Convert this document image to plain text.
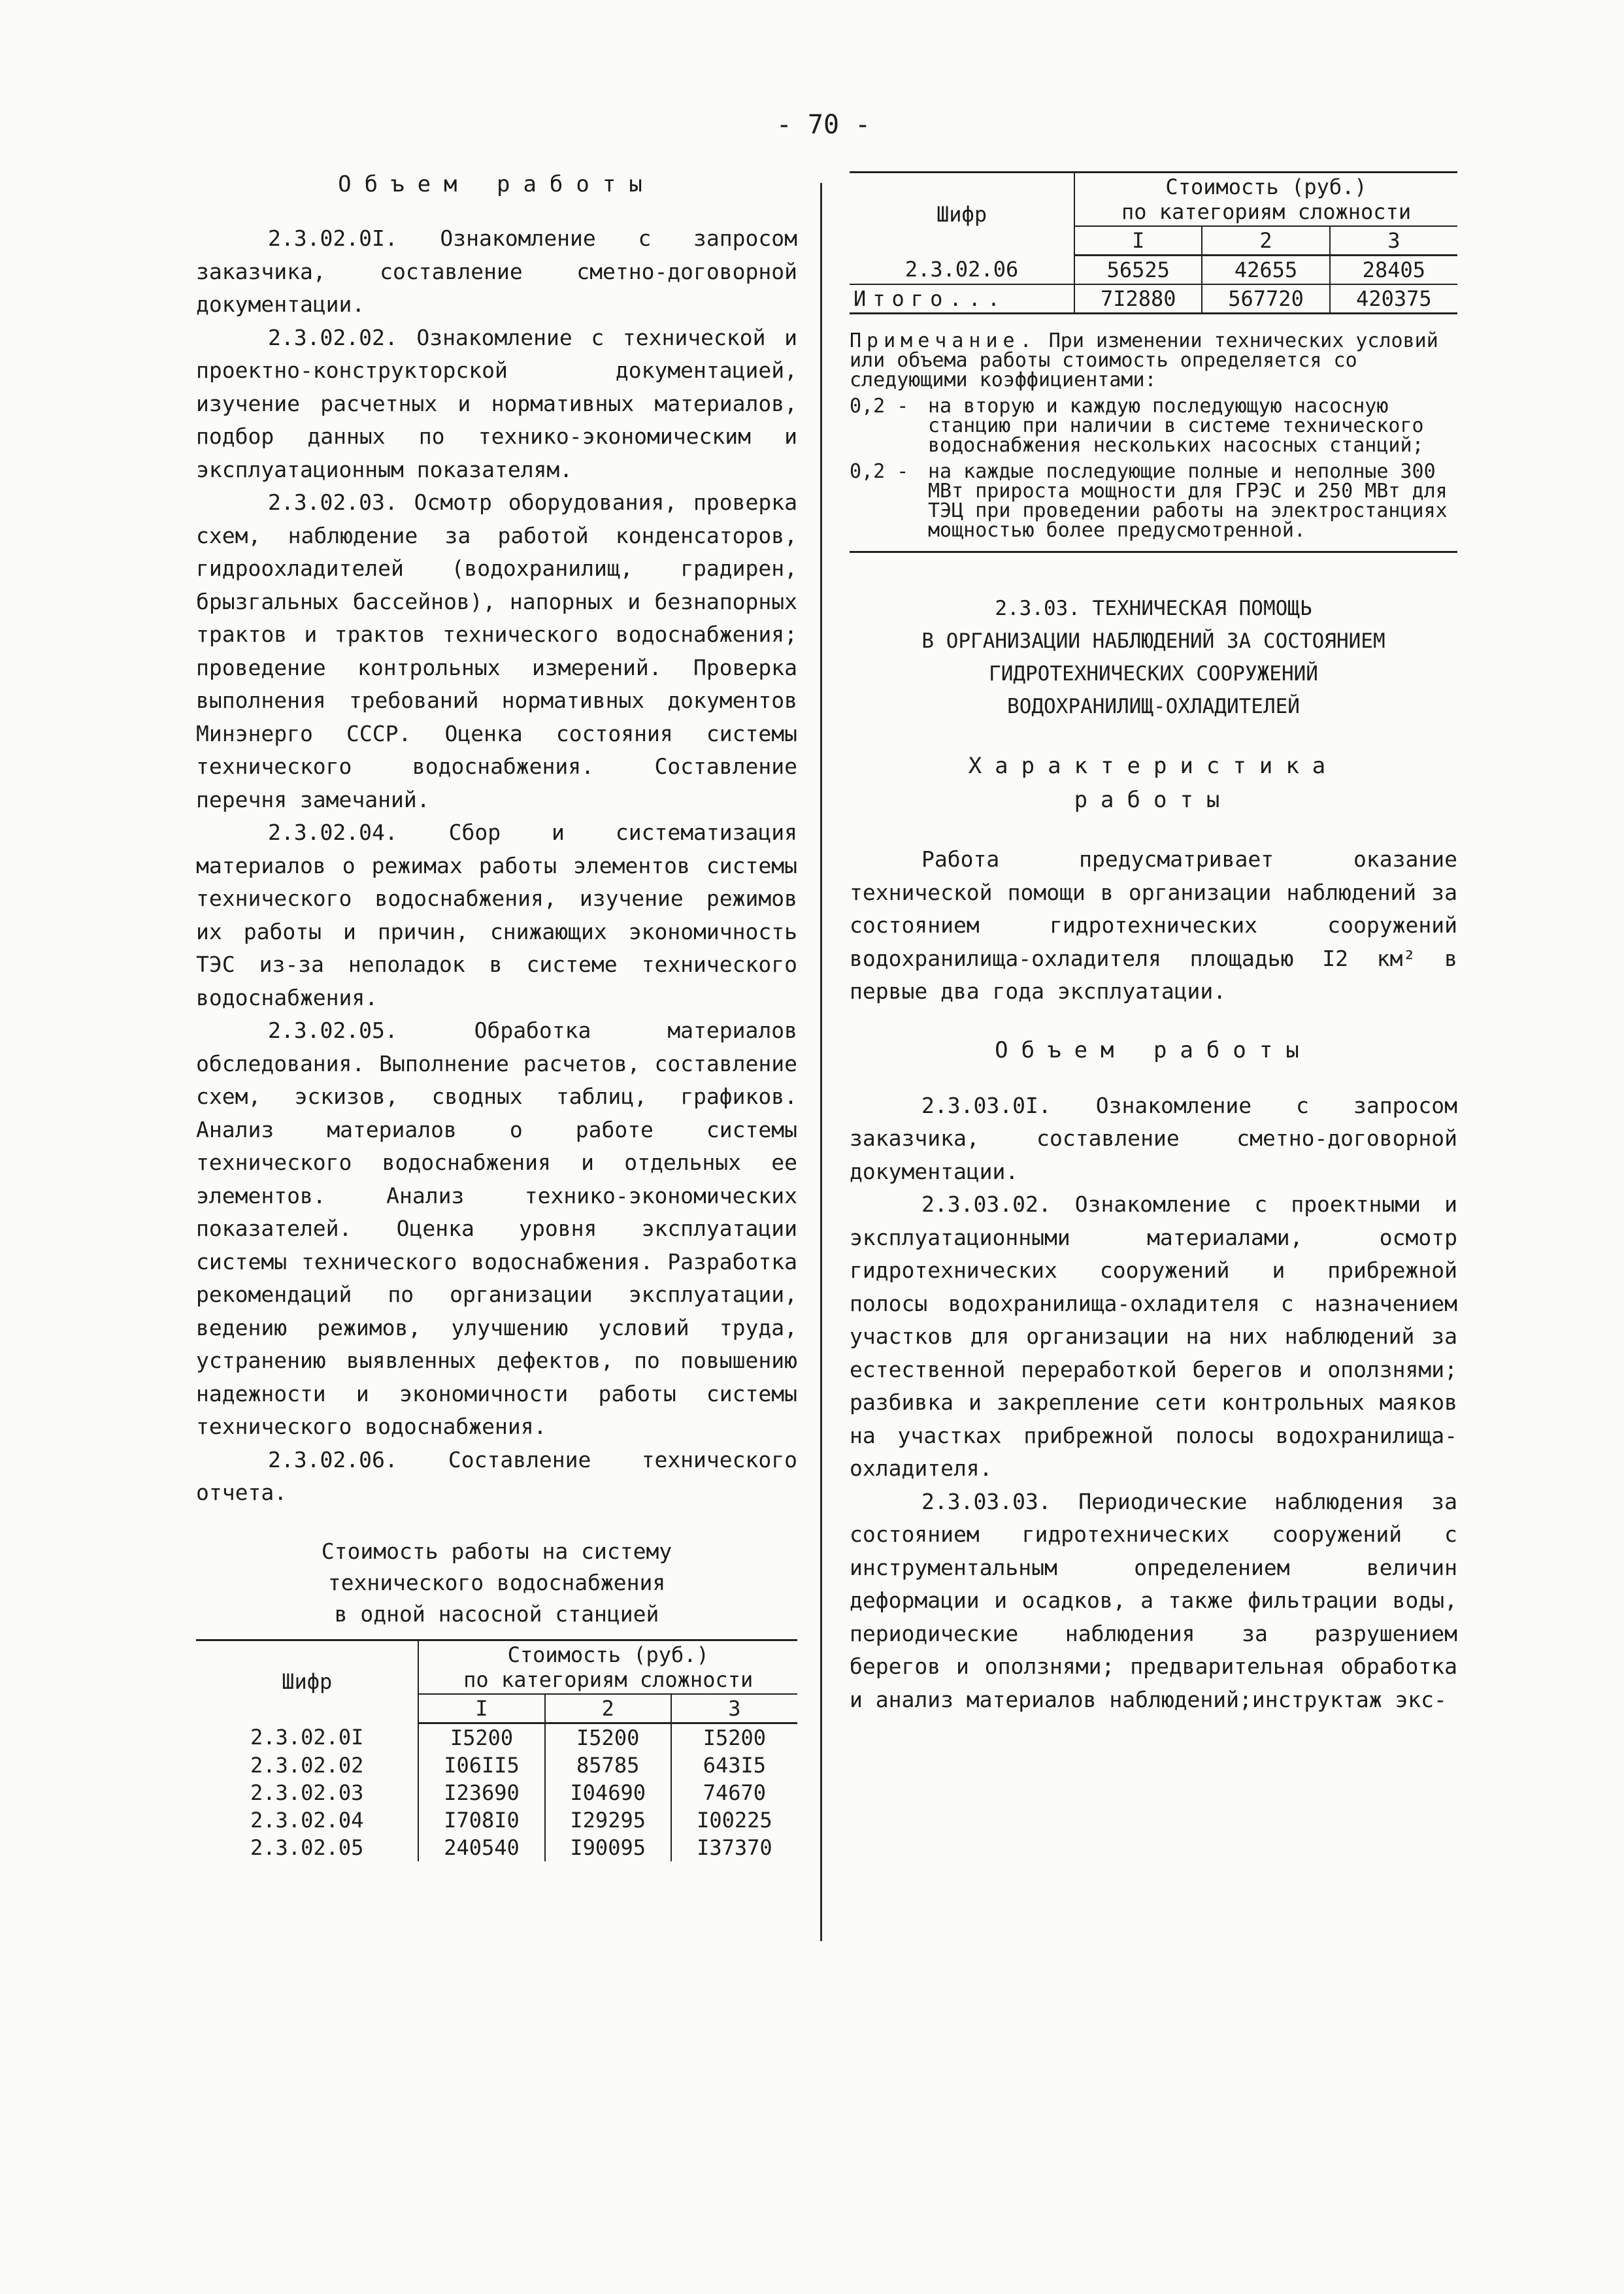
- 70 -
Объем работы

2.3.02.0I. Ознакомление с запросом заказчика, составление сметно-договорной документации.

2.3.02.02. Ознакомление с технической и проектно-конструкторской документацией, изучение расчетных и нормативных материалов, подбор данных по технико-экономическим и эксплуатационным показателям.

2.3.02.03. Осмотр оборудования, проверка схем, наблюдение за работой конденсаторов, гидроохладителей (водохранилищ, градирен, брызгальных бассейнов), напорных и безнапорных трактов и трактов технического водоснабжения; проведение контрольных измерений. Проверка выполнения требований нормативных документов Минэнерго СССР. Оценка состояния системы технического водоснабжения. Составление перечня замечаний.

2.3.02.04. Сбор и систематизация материалов о режимах работы элементов системы технического водоснабжения, изучение режимов их работы и причин, снижающих экономичность ТЭС из-за неполадок в системе технического водоснабжения.

2.3.02.05. Обработка материалов обследования. Выполнение расчетов, составление схем, эскизов, сводных таблиц, графиков. Анализ материалов о работе системы технического водоснабжения и отдельных ее элементов. Анализ технико-экономических показателей. Оценка уровня эксплуатации системы технического водоснабжения. Разработка рекомендаций по организации эксплуатации, ведению режимов, улучшению условий труда, устранению выявленных дефектов, по повышению надежности и экономичности работы системы технического водоснабжения.

2.3.02.06. Составление технического отчета.

Стоимость работы на систему
технического водоснабжения
в одной насосной станцией
Шифр	Стоимость (руб.)
по категориям сложности		

	I	2	3
2.3.02.0I	I5200	I5200	I5200
2.3.02.02	I06II5	85785	643I5
2.3.02.03	I23690	I04690	74670
2.3.02.04	I708I0	I29295	I00225
2.3.02.05	240540	I90095	I37370
Шифр	Стоимость (руб.)
по категориям сложности		

	I	2	3
2.3.02.06	56525	42655	28405
Итого...	7I2880	567720	420375
Примечание. При изменении технических условий или объема работы стоимость определяется со следующими коэффициентами:
0,2 - на вторую и каждую последующую насосную станцию при наличии в системе технического водоснабжения нескольких насосных станций;
0,2 - на каждые последующие полные и неполные 300 МВт прироста мощности для ГРЭС и 250 МВт для ТЭЦ при проведении работы на электростанциях мощностью более предусмотренной.
2.3.03. ТЕХНИЧЕСКАЯ ПОМОЩЬ
В ОРГАНИЗАЦИИ НАБЛЮДЕНИЙ ЗА СОСТОЯНИЕМ
ГИДРОТЕХНИЧЕСКИХ СООРУЖЕНИЙ
ВОДОХРАНИЛИЩ-ОХЛАДИТЕЛЕЙ
Характеристика
работы

Работа предусматривает оказание технической помощи в организации наблюдений за состоянием гидротехнических сооружений водохранилища-охладителя площадью I2 км² в первые два года эксплуатации.

Объем работы

2.3.03.0I. Ознакомление с запросом заказчика, составление сметно-договорной документации.

2.3.03.02. Ознакомление с проектными и эксплуатационными материалами, осмотр гидротехнических сооружений и прибрежной полосы водохранилища-охладителя с назначением участков для организации на них наблюдений за естественной переработкой берегов и оползнями; разбивка и закрепление сети контрольных маяков на участках прибрежной полосы водохранилища-охладителя.

2.3.03.03. Периодические наблюдения за состоянием гидротехнических сооружений с инструментальным определением величин деформации и осадков, а также фильтрации воды, периодические наблюдения за разрушением берегов и оползнями; предварительная обработка и анализ материалов наблюдений;инструктаж экс-
